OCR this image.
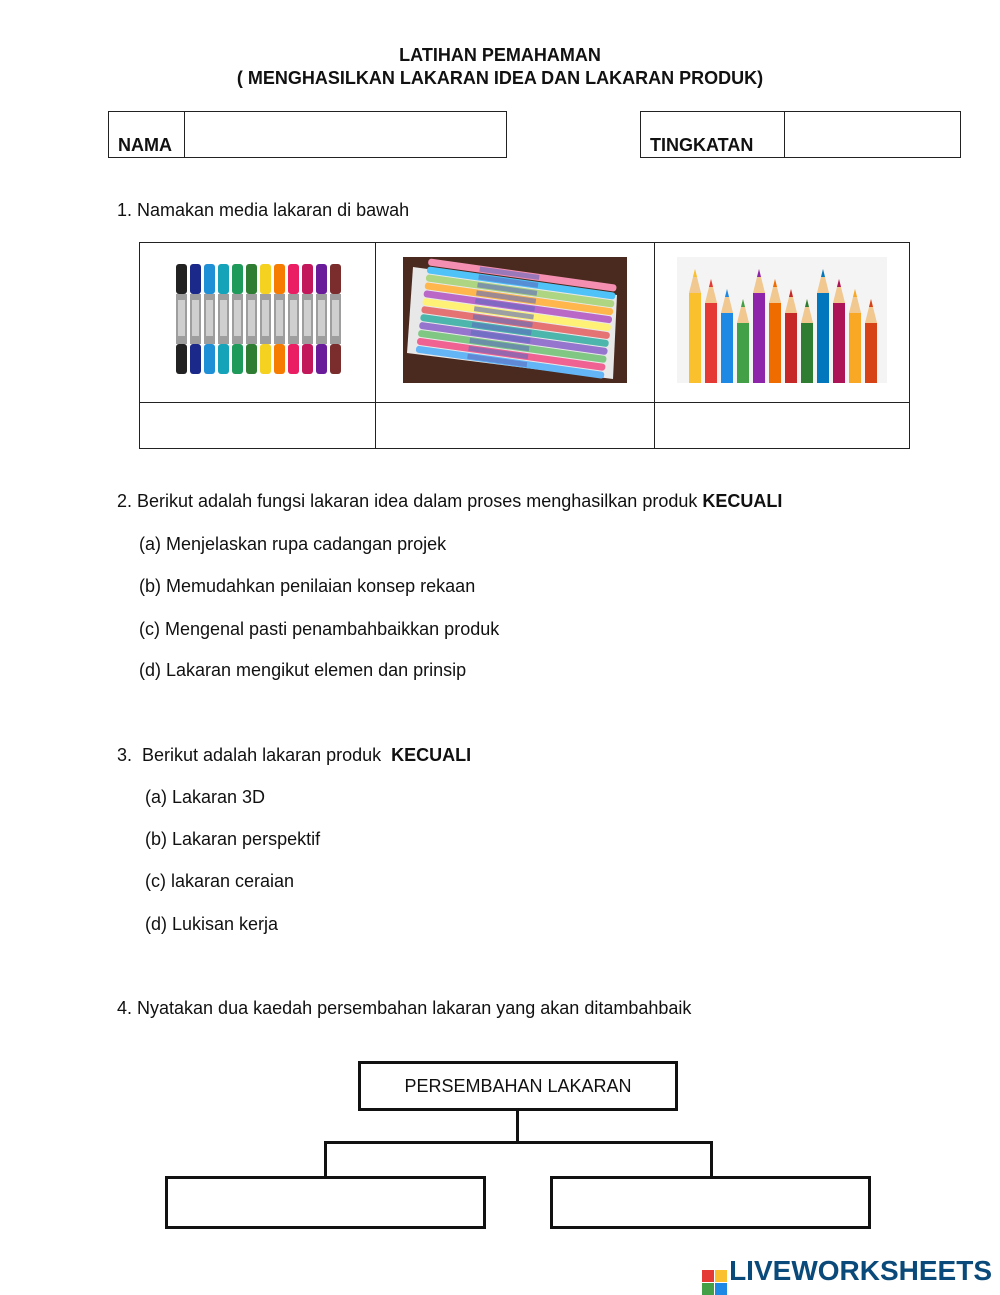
LATIHAN PEMAHAMAN
( MENGHASILKAN LAKARAN IDEA DAN LAKARAN PRODUK)
NAMA	TINGKATAN
1. Namakan media lakaran di bawah

2. Berikut adalah fungsi lakaran idea dalam proses menghasilkan produk KECUALI
(a) Menjelaskan rupa cadangan projek
(b) Memudahkan penilaian konsep rekaan
(c) Mengenal pasti penambahbaikkan produk
(d) Lakaran mengikut elemen dan prinsip
3.  Berikut adalah lakaran produk  KECUALI
(a) Lakaran 3D
(b) Lakaran perspektif
(c) lakaran ceraian
(d) Lukisan kerja
4. Nyatakan dua kaedah persembahan lakaran yang akan ditambahbaik
PERSEMBAHAN LAKARAN
LIVEWORKSHEETS
